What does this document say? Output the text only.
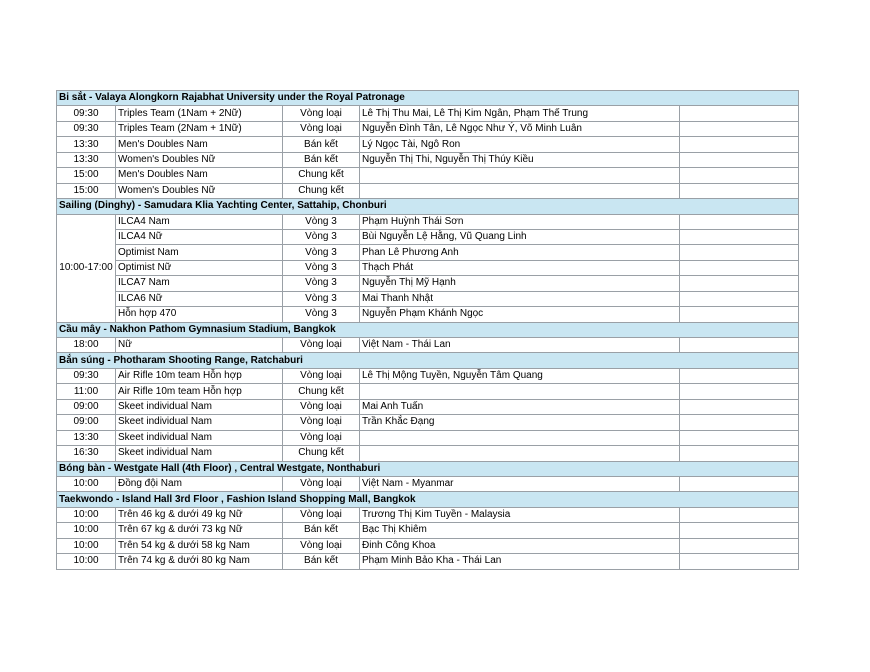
Bi sắt - Valaya Alongkorn Rajabhat University under the Royal Patronage				
09:30	Triples Team (1Nam + 2Nữ)	Vòng loại	Lê Thị Thu Mai, Lê Thị Kim Ngân, Phạm Thế Trung	
09:30	Triples Team (2Nam + 1Nữ)	Vòng loại	Nguyễn Đình Tân, Lê Ngọc Như Ý, Võ Minh Luân	
13:30	Men's Doubles Nam	Bán kết	Lý Ngọc Tài, Ngô Ron	
13:30	Women's Doubles Nữ	Bán kết	Nguyễn Thị Thi, Nguyễn Thị Thúy Kiều	
15:00	Men's Doubles Nam	Chung kết		
15:00	Women's Doubles Nữ	Chung kết		
Sailing (Dinghy) - Samudara Klia Yachting Center, Sattahip, Chonburi				
10:00-17:00	ILCA4 Nam	Vòng 3	Phạm Huỳnh Thái Sơn	
	ILCA4 Nữ	Vòng 3	Bùi Nguyễn Lệ Hằng, Vũ Quang Linh	
	Optimist Nam	Vòng 3	Phan Lê Phương Anh	
	Optimist Nữ	Vòng 3	Thạch Phát	
	ILCA7 Nam	Vòng 3	Nguyễn Thị Mỹ Hạnh	
	ILCA6 Nữ	Vòng 3	Mai Thanh Nhật	
	Hỗn hợp 470	Vòng 3	Nguyễn Phạm Khánh Ngọc	
Cầu mây - Nakhon Pathom Gymnasium Stadium, Bangkok				
18:00	Nữ	Vòng loại	Việt Nam - Thái Lan	
Bắn súng - Photharam Shooting Range, Ratchaburi				
09:30	Air Rifle 10m team Hỗn hợp	Vòng loại	Lê Thị Mộng Tuyền, Nguyễn Tâm Quang	
11:00	Air Rifle 10m team Hỗn hợp	Chung kết		
09:00	Skeet individual Nam	Vòng loại	Mai Anh Tuấn	
09:00	Skeet individual Nam	Vòng loại	Trần Khắc Đạng	
13:30	Skeet individual Nam	Vòng loại		
16:30	Skeet individual Nam	Chung kết		
Bóng bàn - Westgate Hall (4th Floor) , Central Westgate, Nonthaburi				
10:00	Đồng đội Nam	Vòng loại	Việt Nam - Myanmar	
Taekwondo - Island Hall 3rd Floor , Fashion Island Shopping Mall, Bangkok				
10:00	Trên 46 kg & dưới 49 kg Nữ	Vòng loại	Trương Thị Kim Tuyền - Malaysia	
10:00	Trên 67 kg & dưới 73 kg Nữ	Bán kết	Bạc Thị Khiêm	
10:00	Trên 54 kg & dưới 58 kg Nam	Vòng loại	Đinh Công Khoa	
10:00	Trên 74 kg & dưới 80 kg Nam	Bán kết	Phạm Minh Bảo Kha - Thái Lan	
